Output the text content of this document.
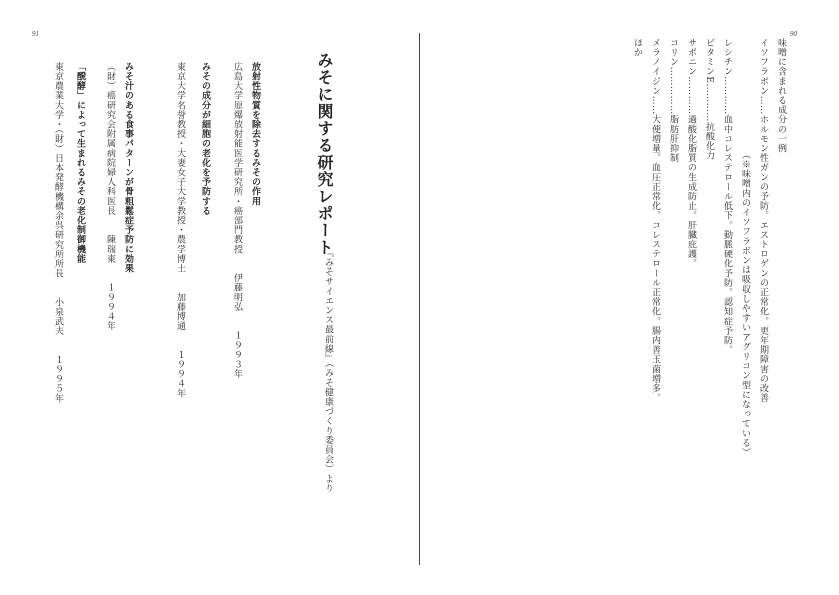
91	90
味噌に含まれる成分の一例
イソフラボン……ホルモン性ガンの予防。エストロゲンの正常化。更年期障害の改善
（※味噌内のイソフラボンは吸収しやすいアグリコン型になっている）
レシチン…………血中コレステロール低下。動脈硬化予防。認知症予防。
ビタミンE…………抗酸化力
サポニン…………過酸化脂質の生成防止。肝臓庇護。
コリン……………脂肪肝抑制
メラノイジン……大便増量。血圧正常化。コレステロール正常化。腸内善玉菌増多。
ほか
みそに関する研究レポート
『みそサイエンス最前線』（みそ健康づくり委員会）より
放射性物質を除去するみその作用
広島大学原爆放射能医学研究所・癌部門教授　　伊藤明弘　　１９９３年
みその成分が細胞の老化を予防する
東京大学名誉教授・大妻女子大学教授・農学博士　　加藤博通　　１９９４年
みそ汁のある食事パターンが骨粗鬆症予防に効果
（財）癌研究会附属病院婦人科医長　　陳瑞東　　１９９４年
「醗酵」によって生まれるみその老化制御機能
東京農業大学・（財）日本発酵機構余呉研究所所長　　小泉武夫　　１９９５年
